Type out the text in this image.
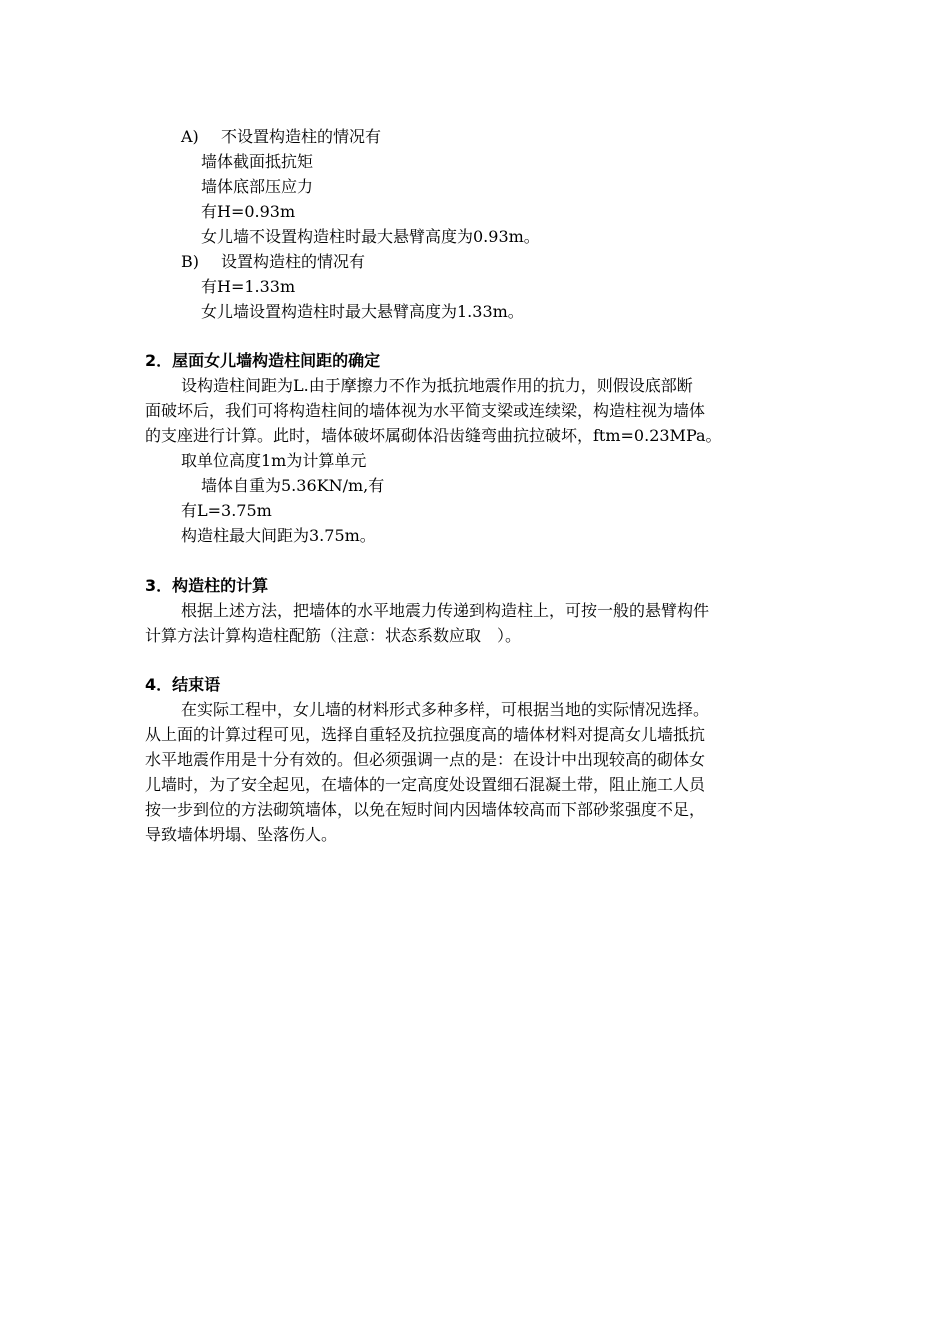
A) 不设置构造柱的情况有
墙体截面抵抗矩
墙体底部压应力
有H=0.93m
女儿墙不设置构造柱时最大悬臂高度为0.93m。
B) 设置构造柱的情况有
有H=1.33m
女儿墙设置构造柱时最大悬臂高度为1.33m。
2．屋面女儿墙构造柱间距的确定
设构造柱间距为L.由于摩擦力不作为抵抗地震作用的抗力，则假设底部断
面破坏后，我们可将构造柱间的墙体视为水平简支梁或连续梁，构造柱视为墙体
的支座进行计算。此时，墙体破坏属砌体沿齿缝弯曲抗拉破坏，ftm=0.23MPa。
取单位高度1m为计算单元
墙体自重为5.36KN/m,有
有L=3.75m
构造柱最大间距为3.75m。
3．构造柱的计算
根据上述方法，把墙体的水平地震力传递到构造柱上，可按一般的悬臂构件
计算方法计算构造柱配筋（注意：状态系数应取　）。
4．结束语
在实际工程中，女儿墙的材料形式多种多样，可根据当地的实际情况选择。
从上面的计算过程可见，选择自重轻及抗拉强度高的墙体材料对提高女儿墙抵抗
水平地震作用是十分有效的。但必须强调一点的是：在设计中出现较高的砌体女
儿墙时，为了安全起见，在墙体的一定高度处设置细石混凝土带，阻止施工人员
按一步到位的方法砌筑墙体，以免在短时间内因墙体较高而下部砂浆强度不足，
导致墙体坍塌、坠落伤人。
